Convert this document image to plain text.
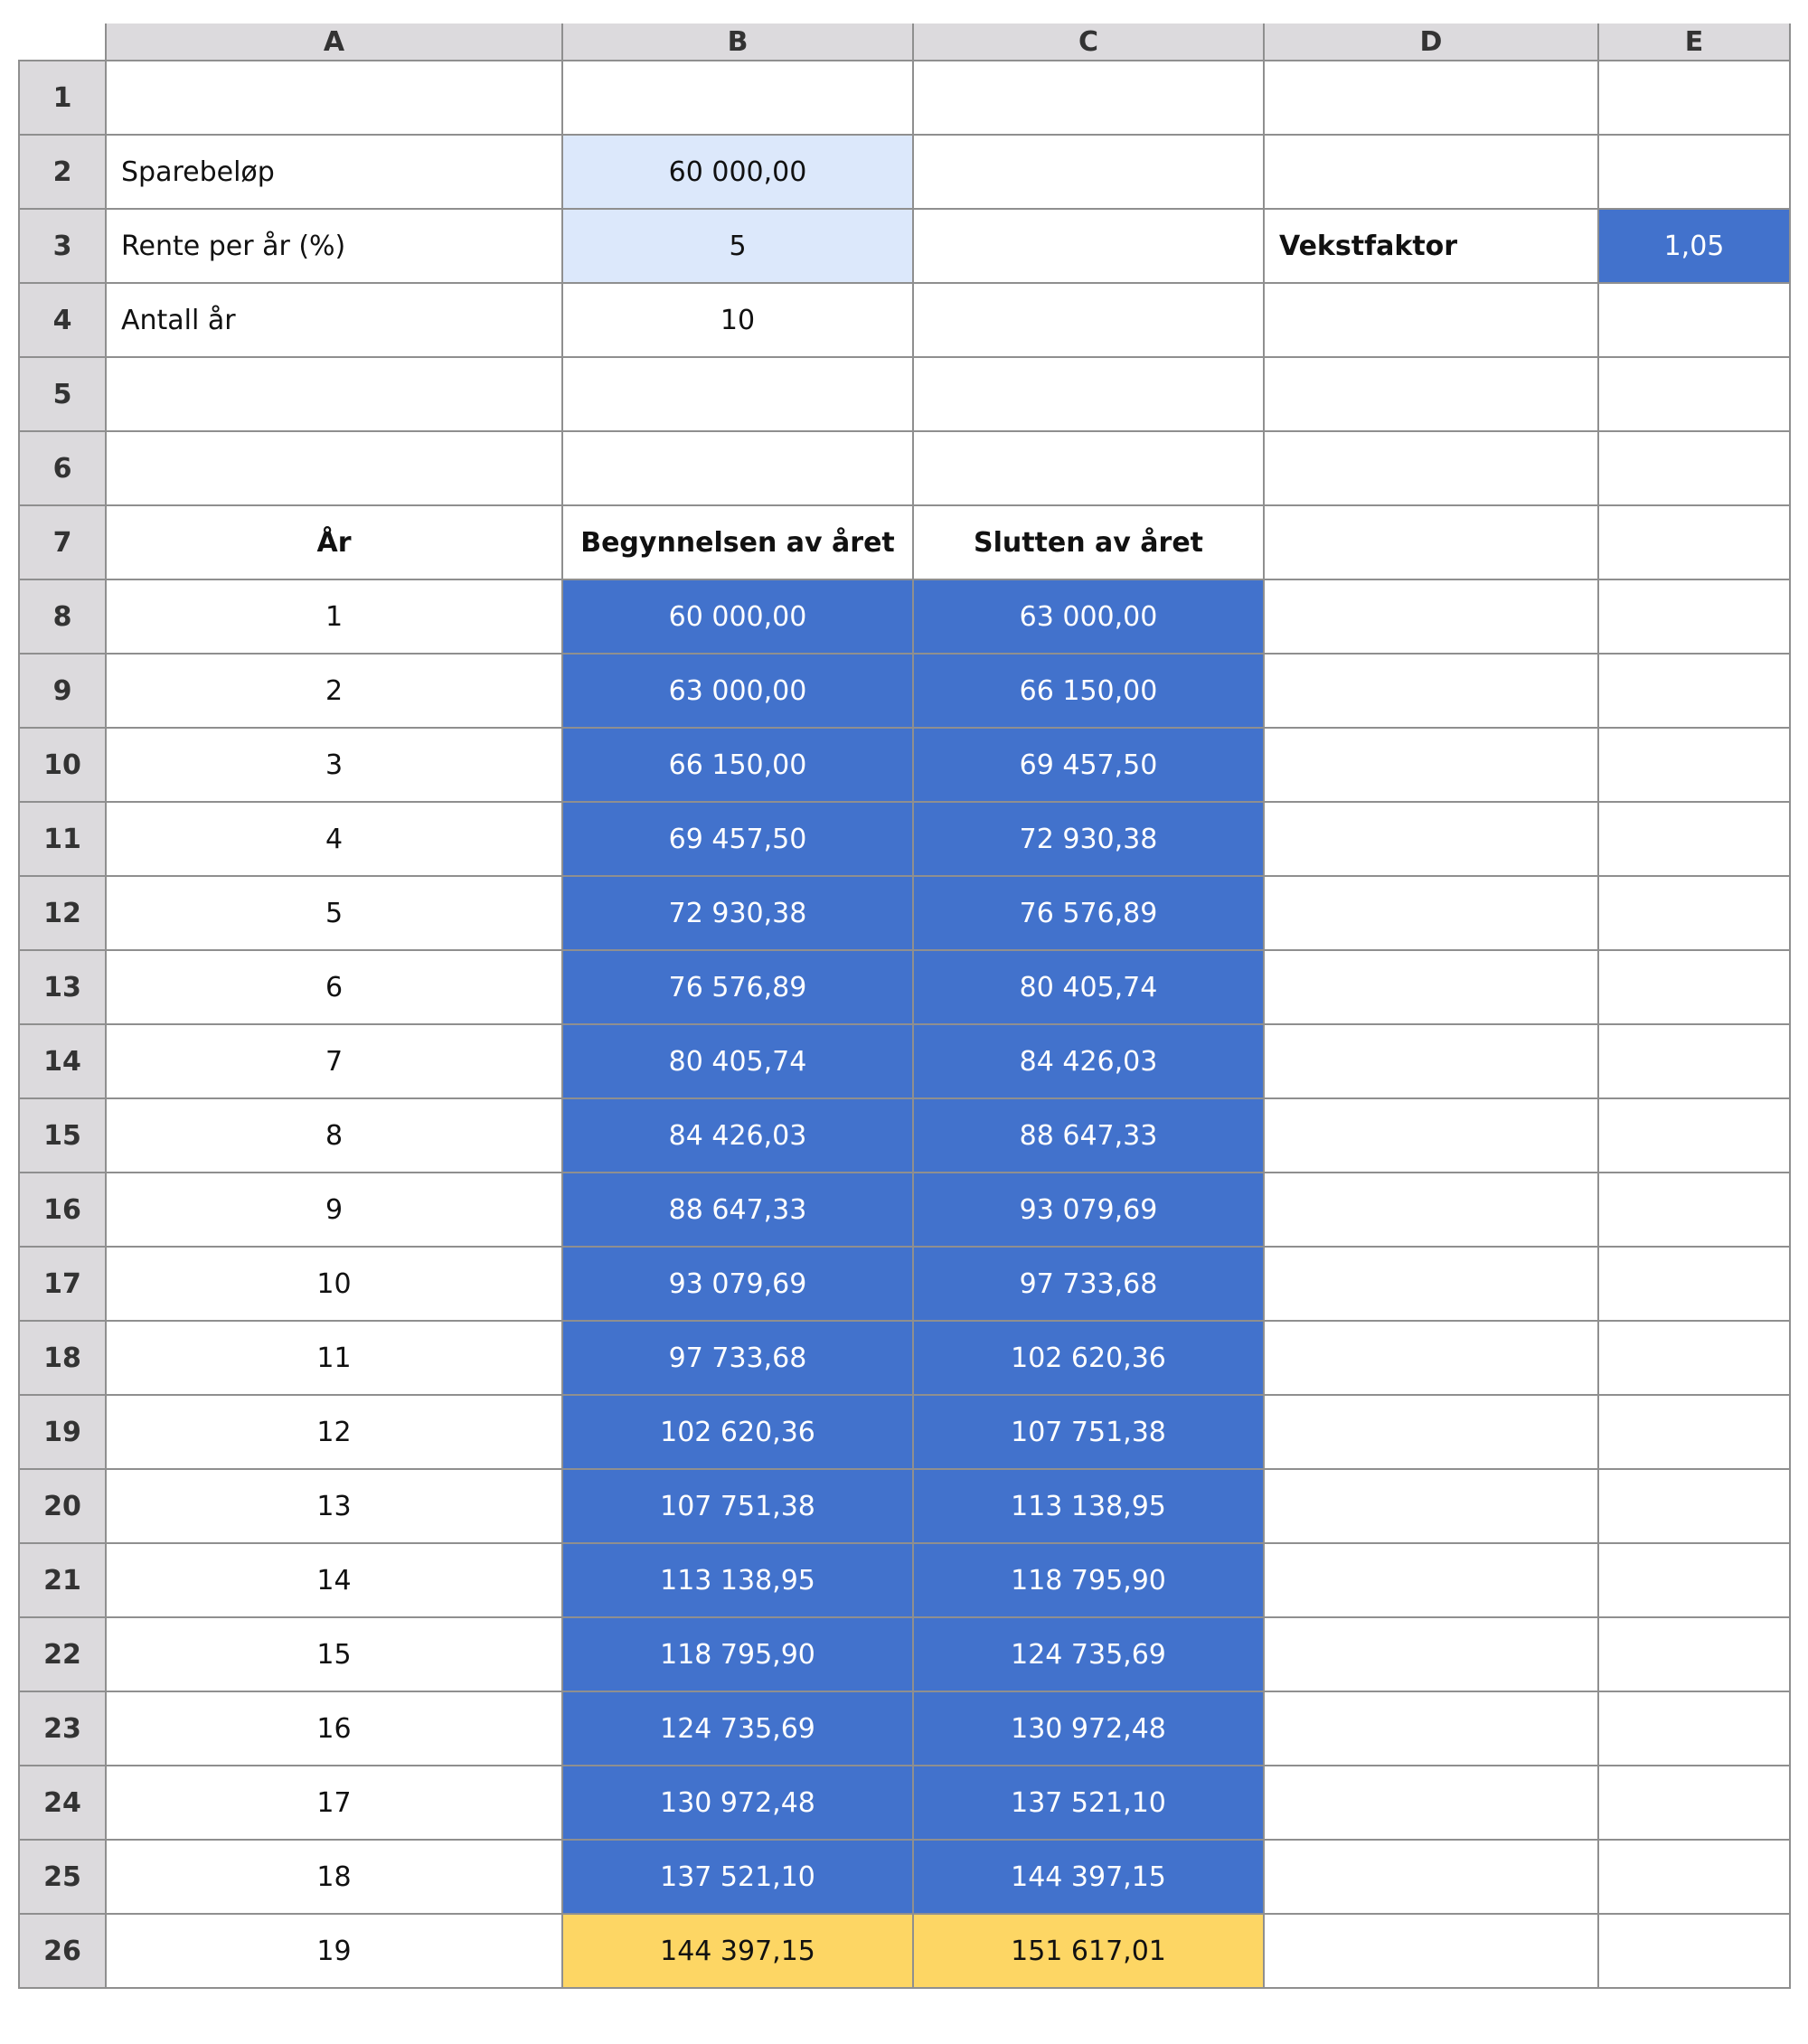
	A	B	C	D	E
1					
2	Sparebeløp	60 000,00			
3	Rente per år (%)	5		Vekstfaktor	1,05
4	Antall år	10			
5					
6					
7	År	Begynnelsen av året	Slutten av året		
8	1	60 000,00	63 000,00		
9	2	63 000,00	66 150,00		
10	3	66 150,00	69 457,50		
11	4	69 457,50	72 930,38		
12	5	72 930,38	76 576,89		
13	6	76 576,89	80 405,74		
14	7	80 405,74	84 426,03		
15	8	84 426,03	88 647,33		
16	9	88 647,33	93 079,69		
17	10	93 079,69	97 733,68		
18	11	97 733,68	102 620,36		
19	12	102 620,36	107 751,38		
20	13	107 751,38	113 138,95		
21	14	113 138,95	118 795,90		
22	15	118 795,90	124 735,69		
23	16	124 735,69	130 972,48		
24	17	130 972,48	137 521,10		
25	18	137 521,10	144 397,15		
26	19	144 397,15	151 617,01		
